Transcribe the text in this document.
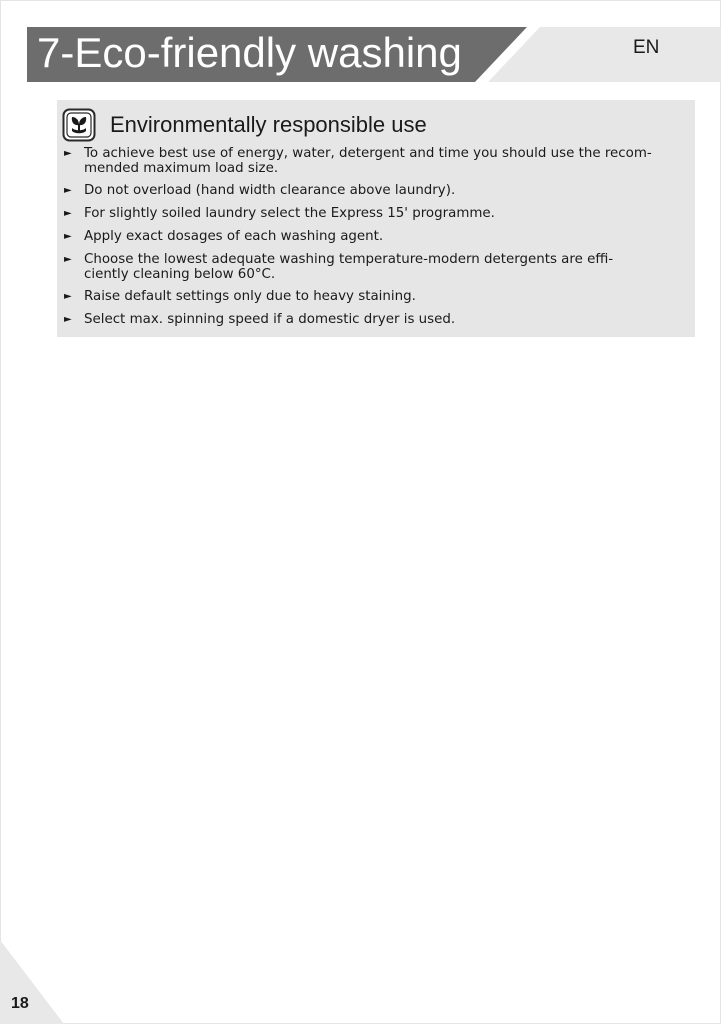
7-Eco-friendly washing	EN
Environmentally responsible use
► To achieve best use of energy, water, detergent and time you should use the recom-
mended maximum load size.
► Do not overload (hand width clearance above laundry).
► For slightly soiled laundry select the Express 15' programme.
► Apply exact dosages of each washing agent.
► Choose the lowest adequate washing temperature-modern detergents are effi-
ciently cleaning below 60°C.
► Raise default settings only due to heavy staining.
► Select max. spinning speed if a domestic dryer is used.
18
